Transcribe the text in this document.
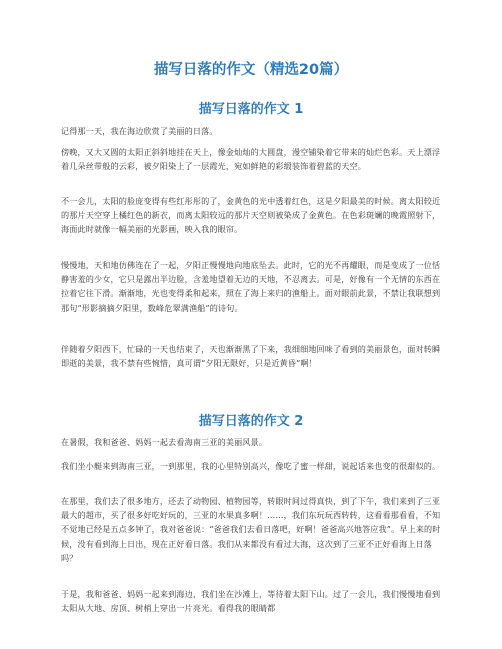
描写日落的作文（精选20篇）
描写日落的作文 1

记得那一天，我在海边欣赏了美丽的日落。

傍晚，又大又圆的太阳正斜斜地挂在天上，像金灿灿的大圆盘，漫空铺染着它带来的灿烂色彩。天上漂浮着几朵丝带般的云彩，被夕阳染上了一层霞光，宛如鲜艳的彩缎装饰着碧蓝的天空。

不一会儿，太阳的脸庞变得有些红彤彤的了，金黄色的光中透着红色，这是夕阳最美的时候。离太阳较近的那片天空穿上橘红色的新衣，而离太阳较远的那片天空则被染成了金黄色。在色彩斑斓的晚霞照射下，海面此时就像一幅美丽的光影画，映入我的眼帘。

慢慢地，天和地仿佛连在了一起，夕阳正慢慢地向地底坠去。此时，它的光不再耀眼，而是变成了一位恬静害羞的少女，它只是露出半边脸，含羞地望着无边的天地，不忍离去。可是，好像有一个无情的东西在拉着它往下滑。渐渐地，光也变得柔和起来，照在了海上来归的渔船上。面对眼前此景，不禁让我联想到那句“形影摘摘夕阳里，数峰危翠满渔船”的诗句。

伴随着夕阳西下，忙碌的一天也结束了，天也渐渐黑了下来，我细细地回味了看到的美丽景色，面对转瞬即逝的美景，我不禁有些惋惜，真可谓“夕阳无限好，只是近黄昏”啊！

描写日落的作文 2

在暑假，我和爸爸、妈妈一起去看海南三亚的美丽风景。

我们坐小艇来到海南三亚，一到那里，我的心里特别高兴，像吃了蜜一样甜，说起话来也变的很甜似的。

在那里，我们去了很多地方，还去了动物园、植物园等，转眼时间过得真快，到了下午，我们来到了三亚最大的超市，买了很多好吃好玩的，三亚的水果真多啊！……，我们东玩玩西转转，这看看那看看，不知不觉地已经是五点多钟了，我对爸爸说：“爸爸我们去看日落吧，好啊！爸爸高兴地答应我”。早上来的时候，没有看到海上日出，现在正好看日落。我们从来都没有看过大海，这次到了三亚不正好看海上日落吗？

于是，我和爸爸、妈妈一起来到海边，我们坐在沙滩上，等待着太阳下山。过了一会儿，我们慢慢地看到太阳从大地、房顶、树梢上穿出一片亮光。看得我的眼睛都
